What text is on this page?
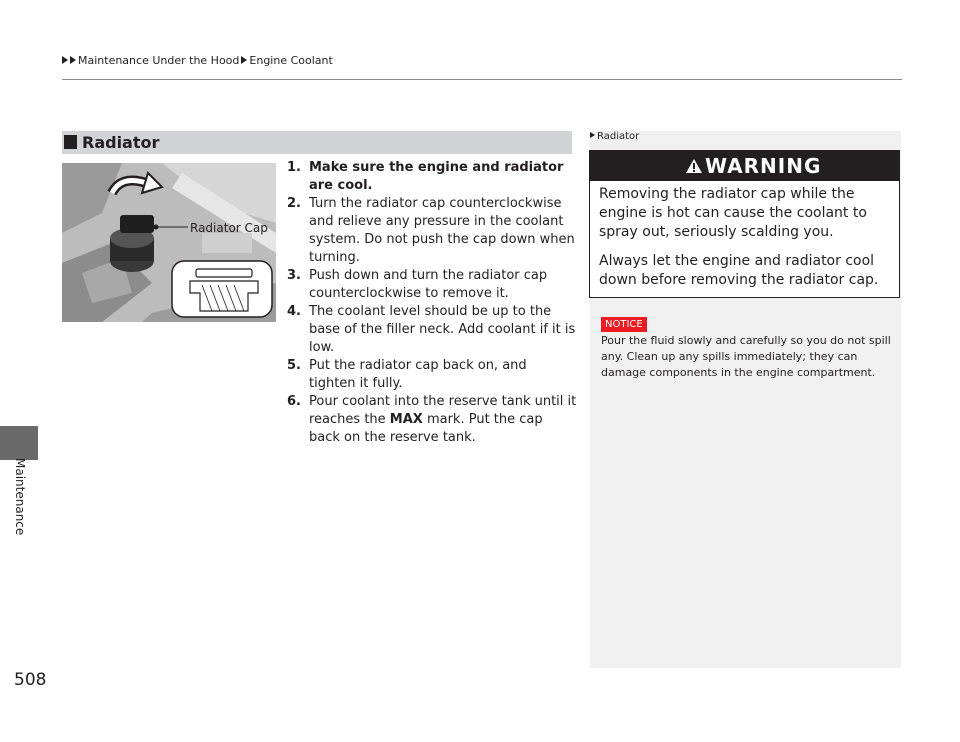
Maintenance Under the Hood Engine Coolant
Maintenance
508
Radiator
Radiator Cap
1. Make sure the engine and radiator are cool.
2. Turn the radiator cap counterclockwise and relieve any pressure in the coolant system. Do not push the cap down when turning.
3. Push down and turn the radiator cap counterclockwise to remove it.
4. The coolant level should be up to the base of the filler neck. Add coolant if it is low.
5. Put the radiator cap back on, and tighten it fully.
6. Pour coolant into the reserve tank until it reaches the MAX mark. Put the cap back on the reserve tank.
Radiator
WARNING
Removing the radiator cap while the engine is hot can cause the coolant to spray out, seriously scalding you.
Always let the engine and radiator cool down before removing the radiator cap.
NOTICE
Pour the fluid slowly and carefully so you do not spill any. Clean up any spills immediately; they can damage components in the engine compartment.
